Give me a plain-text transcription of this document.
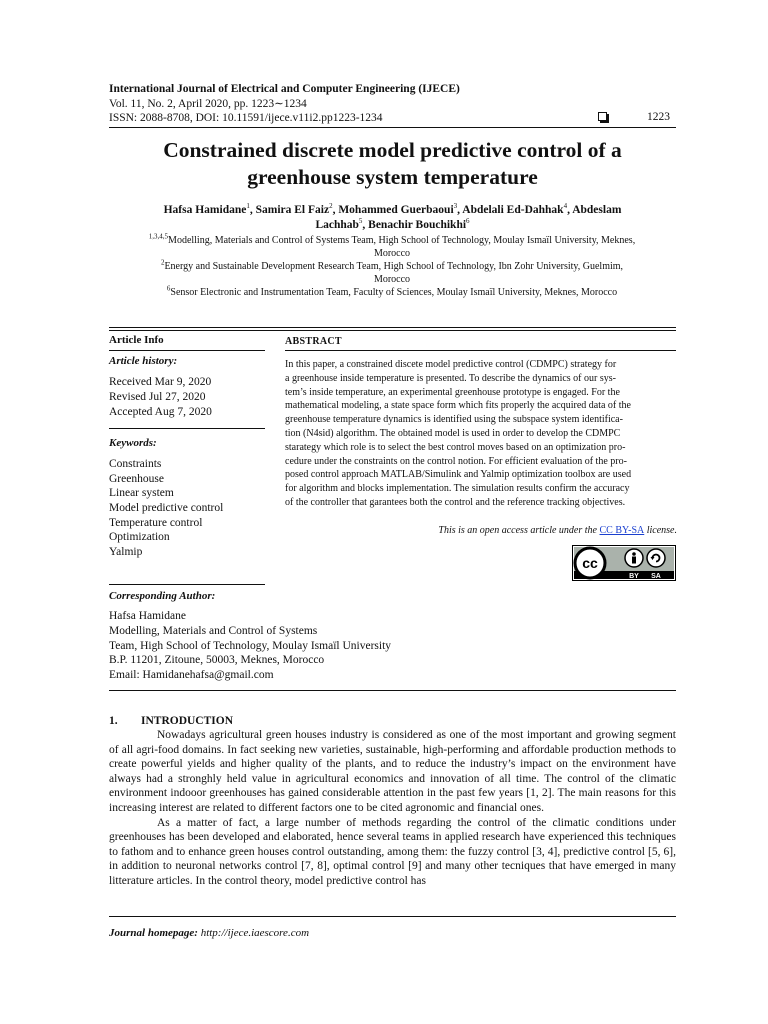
International Journal of Electrical and Computer Engineering (IJECE)
Vol. 11, No. 2, April 2020, pp. 1223∼1234
ISSN: 2088-8708, DOI: 10.11591/ijece.v11i2.pp1223-1234	1223
Constrained discrete model predictive control of a
greenhouse system temperature
Hafsa Hamidane$^1$, Samira El Faiz$^2$, Mohammed Guerbaoui$^3$, Abdelali Ed-Dahhak$^4$, Abdeslam
Lachhab$^5$, Benachir Bouchikhi$^6$
$^{1,3,4,5}$Modelling, Materials and Control of Systems Team, High School of Technology, Moulay Ismaïl University, Meknes,
Morocco
$^2$Energy and Sustainable Development Research Team, High School of Technology, Ibn Zohr University, Guelmim,
Morocco
$^6$Sensor Electronic and Instrumentation Team, Faculty of Sciences, Moulay Ismaïl University, Meknes, Morocco
Article Info
Article history:
Received Mar 9, 2020
Revised Jul 27, 2020
Accepted Aug 7, 2020
Keywords:
Constraints
Greenhouse
Linear system
Model predictive control
Temperature control
Optimization
Yalmip
ABSTRACT
In this paper, a constrained discete model predictive control (CDMPC) strategy for
a greenhouse inside temperature is presented. To describe the dynamics of our sys-
tem’s inside temperature, an experimental greenhouse prototype is engaged. For the
mathematical modeling, a state space form which fits properly the acquired data of the
greenhouse temperature dynamics is identified using the subspace system identifica-
tion (N4sid) algorithm. The obtained model is used in order to develop the CDMPC
starategy which role is to select the best control moves based on an optimization pro-
cedure under the constraints on the control notion. For efficient evaluation of the pro-
posed control approach MATLAB/Simulink and Yalmip optimization toolbox are used
for algorithm and blocks implementation. The simulation results confirm the accuracy
of the controller that garantees both the control and the reference tracking objectives.
This is an open access article under the CC BY-SA license.
cc
BY SA
Corresponding Author:
Hafsa Hamidane
Modelling, Materials and Control of Systems
Team, High School of Technology, Moulay Ismaïl University
B.P. 11201, Zitoune, 50003, Meknes, Morocco
Email: Hamidanehafsa@gmail.com
1. INTRODUCTION

Nowadays agricultural green houses industry is considered as one of the most important and growing segment of all agri-food domains. In fact seeking new varieties, sustainable, high-performing and affordable production methods to create powerful yields and higher quality of the plants, and to reduce the industry’s impact on the environment have always had a stronghly held value in agricultural economics and innovation of all time. The control of the climatic environment indooor greenhouses has gained considerable attention in the past few years [1, 2]. The main reasons for this increasing interest are related to different factors one to be cited agronomic and financial ones.

As a matter of fact, a large number of methods regarding the control of the climatic conditions under greenhouses has been developed and elaborated, hence several teams in applied research have experienced this techniques to fathom and to enhance green houses control outstanding, among them: the fuzzy control [3, 4], predictive control [5, 6], in addition to neuronal networks control [7, 8], optimal control [9] and many other tecniques that have emerged in many litterature articles. In the control theory, model predictive control has

Journal homepage: http://ijece.iaescore.com
